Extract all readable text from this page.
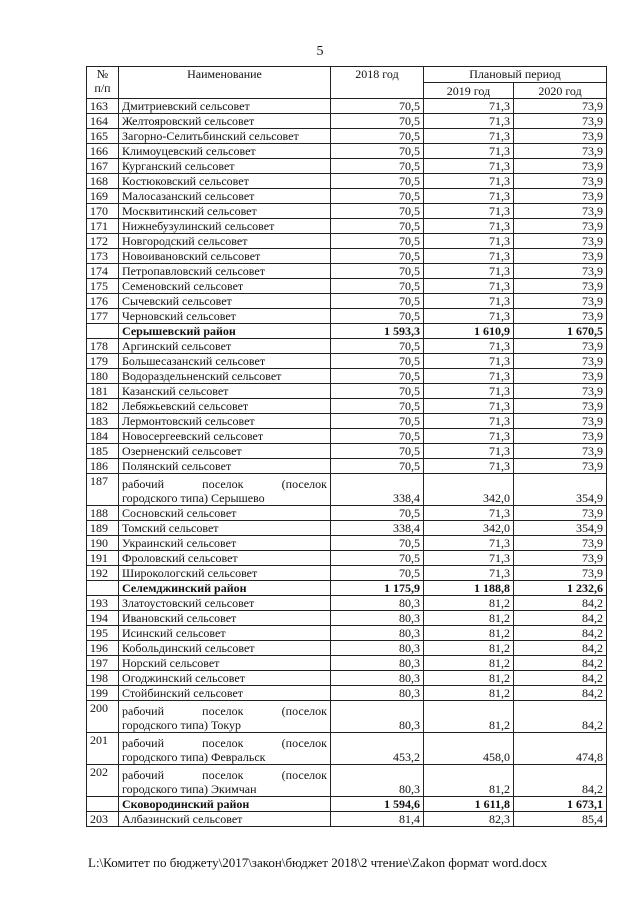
5
№
п/п	Наименование	2018 год	Плановый период	
			2019 год	2020 год
163	Дмитриевский сельсовет	70,5	71,3	73,9
164	Желтояровский сельсовет	70,5	71,3	73,9
165	Загорно-Селитьбинский сельсовет	70,5	71,3	73,9
166	Климоуцевский сельсовет	70,5	71,3	73,9
167	Курганский сельсовет	70,5	71,3	73,9
168	Костюковский сельсовет	70,5	71,3	73,9
169	Малосазанский сельсовет	70,5	71,3	73,9
170	Москвитинский сельсовет	70,5	71,3	73,9
171	Нижнебузулинский сельсовет	70,5	71,3	73,9
172	Новгородский сельсовет	70,5	71,3	73,9
173	Новоивановский сельсовет	70,5	71,3	73,9
174	Петропавловский сельсовет	70,5	71,3	73,9
175	Семеновский сельсовет	70,5	71,3	73,9
176	Сычевский сельсовет	70,5	71,3	73,9
177	Черновский сельсовет	70,5	71,3	73,9
	Серышевский район	1 593,3	1 610,9	1 670,5
178	Аргинский сельсовет	70,5	71,3	73,9
179	Большесазанский сельсовет	70,5	71,3	73,9
180	Водораздельненский сельсовет	70,5	71,3	73,9
181	Казанский сельсовет	70,5	71,3	73,9
182	Лебяжьевский сельсовет	70,5	71,3	73,9
183	Лермонтовский сельсовет	70,5	71,3	73,9
184	Новосергеевский сельсовет	70,5	71,3	73,9
185	Озерненский сельсовет	70,5	71,3	73,9
186	Полянский сельсовет	70,5	71,3	73,9
187	рабочий поселок (поселок
городского типа) Серышево	338,4	342,0	354,9
188	Сосновский сельсовет	70,5	71,3	73,9
189	Томский сельсовет	338,4	342,0	354,9
190	Украинский сельсовет	70,5	71,3	73,9
191	Фроловский сельсовет	70,5	71,3	73,9
192	Широкологский сельсовет	70,5	71,3	73,9
	Селемджинский район	1 175,9	1 188,8	1 232,6
193	Златоустовский сельсовет	80,3	81,2	84,2
194	Ивановский сельсовет	80,3	81,2	84,2
195	Исинский сельсовет	80,3	81,2	84,2
196	Кобольдинский сельсовет	80,3	81,2	84,2
197	Норский сельсовет	80,3	81,2	84,2
198	Огоджинский сельсовет	80,3	81,2	84,2
199	Стойбинский сельсовет	80,3	81,2	84,2
200	рабочий поселок (поселок
городского типа) Токур	80,3	81,2	84,2
201	рабочий поселок (поселок
городского типа) Февральск	453,2	458,0	474,8
202	рабочий поселок (поселок
городского типа) Экимчан	80,3	81,2	84,2
	Сковородинский район	1 594,6	1 611,8	1 673,1
203	Албазинский сельсовет	81,4	82,3	85,4
L:\Комитет по бюджету\2017\закон\бюджет 2018\2 чтение\Zakon формат word.docx
